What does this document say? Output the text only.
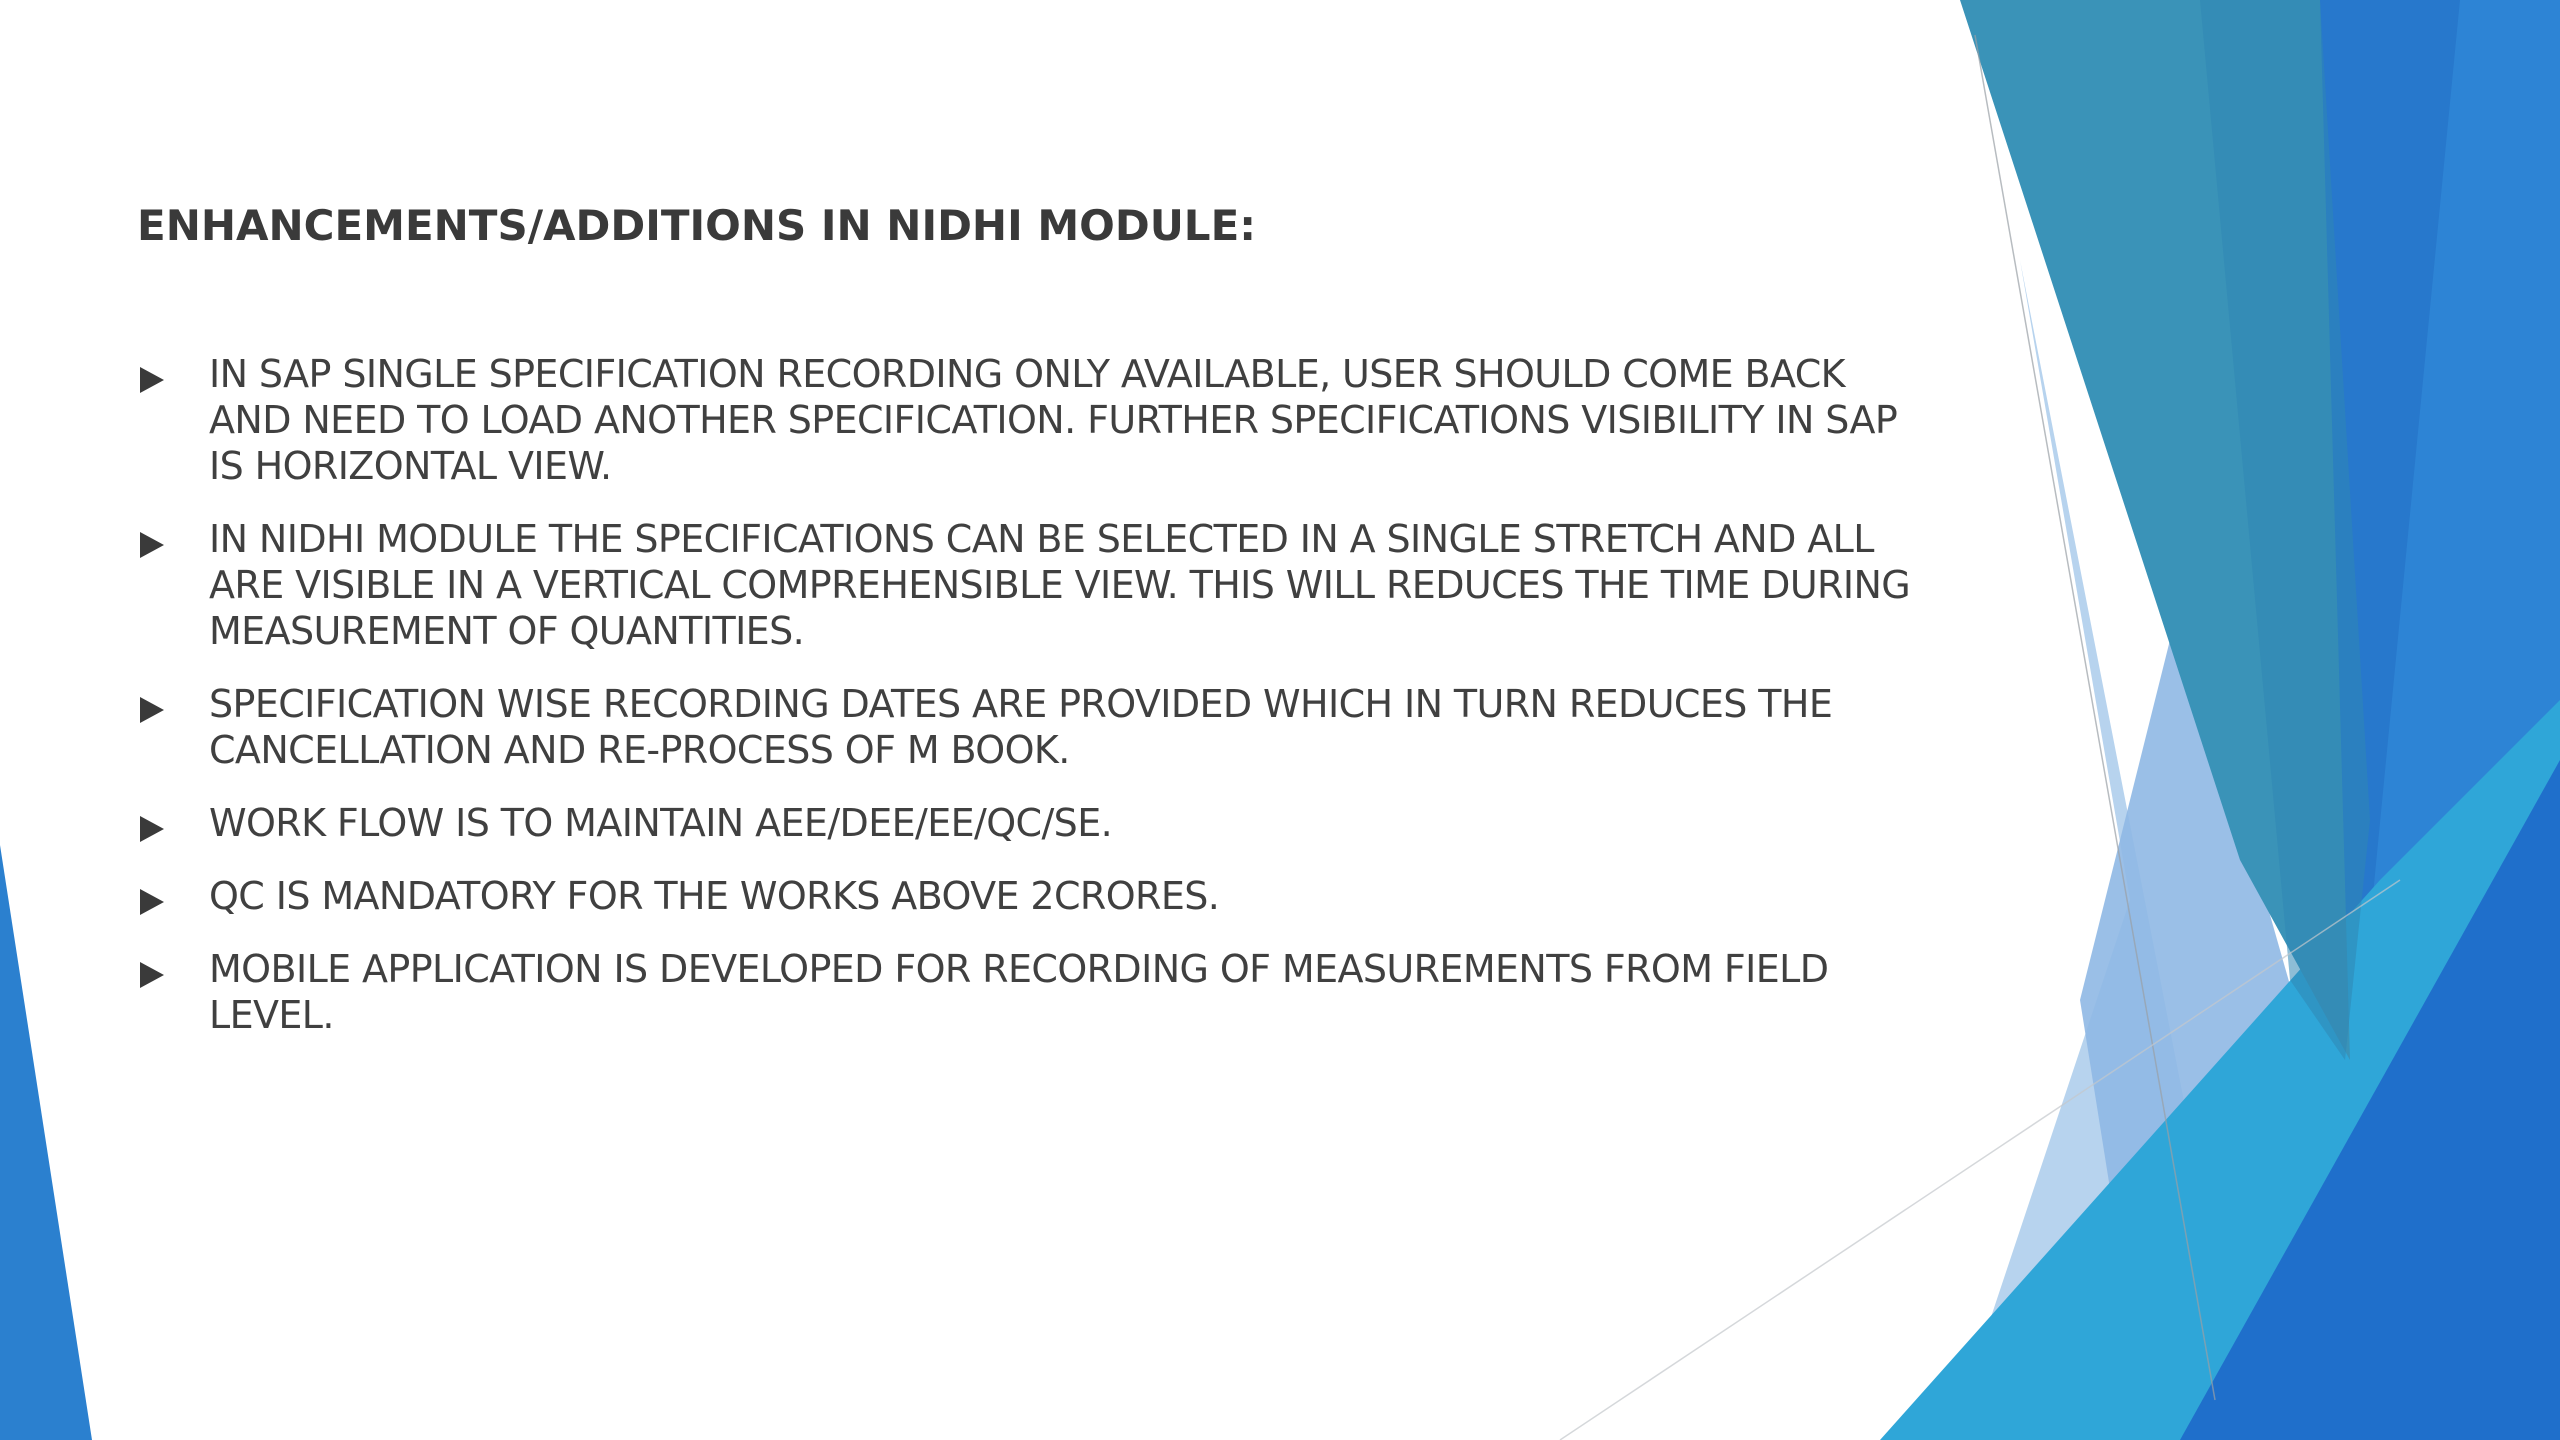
ENHANCEMENTS/ADDITIONS IN NIDHI MODULE:
IN SAP SINGLE SPECIFICATION RECORDING ONLY AVAILABLE, USER SHOULD COME BACK AND NEED TO LOAD ANOTHER SPECIFICATION. FURTHER SPECIFICATIONS VISIBILITY IN SAP IS HORIZONTAL VIEW.
IN NIDHI MODULE THE SPECIFICATIONS CAN BE SELECTED IN A SINGLE STRETCH AND ALL ARE VISIBLE IN A VERTICAL COMPREHENSIBLE VIEW. THIS WILL REDUCES THE TIME DURING MEASUREMENT OF QUANTITIES.
SPECIFICATION WISE RECORDING DATES ARE PROVIDED WHICH IN TURN REDUCES THE CANCELLATION AND RE-PROCESS OF M BOOK.
WORK FLOW IS TO MAINTAIN AEE/DEE/EE/QC/SE.
QC IS MANDATORY FOR THE WORKS ABOVE 2CRORES.
MOBILE APPLICATION IS DEVELOPED FOR RECORDING OF MEASUREMENTS FROM FIELD LEVEL.
